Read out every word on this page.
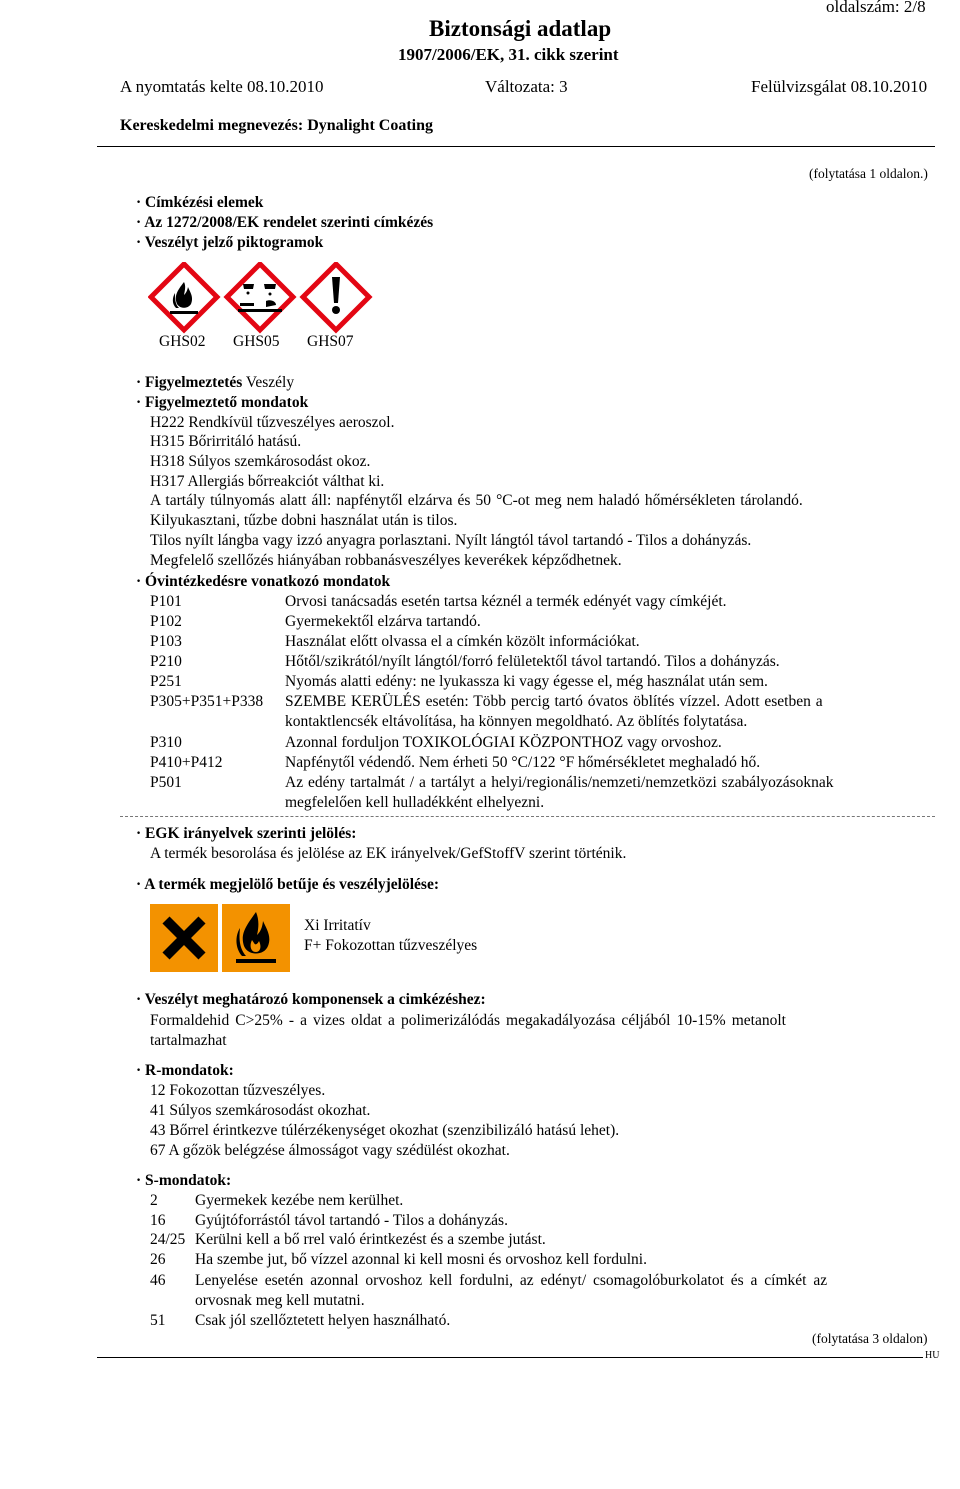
oldalszám: 2/8
Biztonsági adatlap
1907/2006/EK, 31. cikk szerint
A nyomtatás kelte 08.10.2010	Változata: 3	Felülvizsgálat 08.10.2010
Kereskedelmi megnevezés: Dynalight Coating
(folytatása 1 oldalon.)
· Címkézési elemek
· Az 1272/2008/EK rendelet szerinti címkézés
· Veszélyt jelző piktogramok
GHS02 GHS05 GHS07
· Figyelmeztetés Veszély
· Figyelmeztető mondatok
H222 Rendkívül tűzveszélyes aeroszol.
H315 Bőrirritáló hatású.
H318 Súlyos szemkárosodást okoz.
H317 Allergiás bőrreakciót válthat ki.
A tartály túlnyomás alatt áll: napfénytől elzárva és 50 °C-ot meg nem haladó hőmérsékleten tárolandó.
Kilyukasztani, tűzbe dobni használat után is tilos.
Tilos nyílt lángba vagy izzó anyagra porlasztani. Nyílt lángtól távol tartandó - Tilos a dohányzás.
Megfelelő szellőzés hiányában robbanásveszélyes keverékek képződhetnek.
· Óvintézkedésre vonatkozó mondatok
P101	Orvosi tanácsadás esetén tartsa kéznél a termék edényét vagy címkéjét.
P102	Gyermekektől elzárva tartandó.
P103	Használat előtt olvassa el a címkén közölt információkat.
P210	Hőtől/szikrától/nyílt lángtól/forró felületektől távol tartandó. Tilos a dohányzás.
P251	Nyomás alatti edény: ne lyukassza ki vagy égesse el, még használat után sem.
P305+P351+P338 SZEMBE KERÜLÉS esetén: Több percig tartó óvatos öblítés vízzel. Adott esetben a
kontaktlencsék eltávolítása, ha könnyen megoldható. Az öblítés folytatása.
P310	Azonnal forduljon TOXIKOLÓGIAI KÖZPONTHOZ vagy orvoshoz.
P410+P412	Napfénytől védendő. Nem érheti 50 °C/122 °F hőmérsékletet meghaladó hő.
P501	Az edény tartalmát / a tartályt a helyi/regionális/nemzeti/nemzetközi szabályozásoknak
megfelelően kell hulladékként elhelyezni.
· EGK irányelvek szerinti jelölés:
A termék besorolása és jelölése az EK irányelvek/GefStoffV szerint történik.
· A termék megjelölő betűje és veszélyjelölése:
Xi Irritatív
F+ Fokozottan tűzveszélyes
· Veszélyt meghatározó komponensek a cimkézéshez:
Formaldehid C>25% - a vizes oldat a polimerizálódás megakadályozása céljából 10-15% metanolt
tartalmazhat
· R-mondatok:
12 Fokozottan tűzveszélyes.
41 Súlyos szemkárosodást okozhat.
43 Bőrrel érintkezve túlérzékenységet okozhat (szenzibilizáló hatású lehet).
67 A gőzök belégzése álmosságot vagy szédülést okozhat.
· S-mondatok:
2 Gyermekek kezébe nem kerülhet.
16 Gyújtóforrástól távol tartandó - Tilos a dohányzás.
24/25 Kerülni kell a bő rrel való érintkezést és a szembe jutást.
26 Ha szembe jut, bő vízzel azonnal ki kell mosni és orvoshoz kell fordulni.
46 Lenyelése esetén azonnal orvoshoz kell fordulni, az edényt/ csomagolóburkolatot és a címkét az
orvosnak meg kell mutatni.
51 Csak jól szellőztetett helyen használható.
(folytatása 3 oldalon)
HU
